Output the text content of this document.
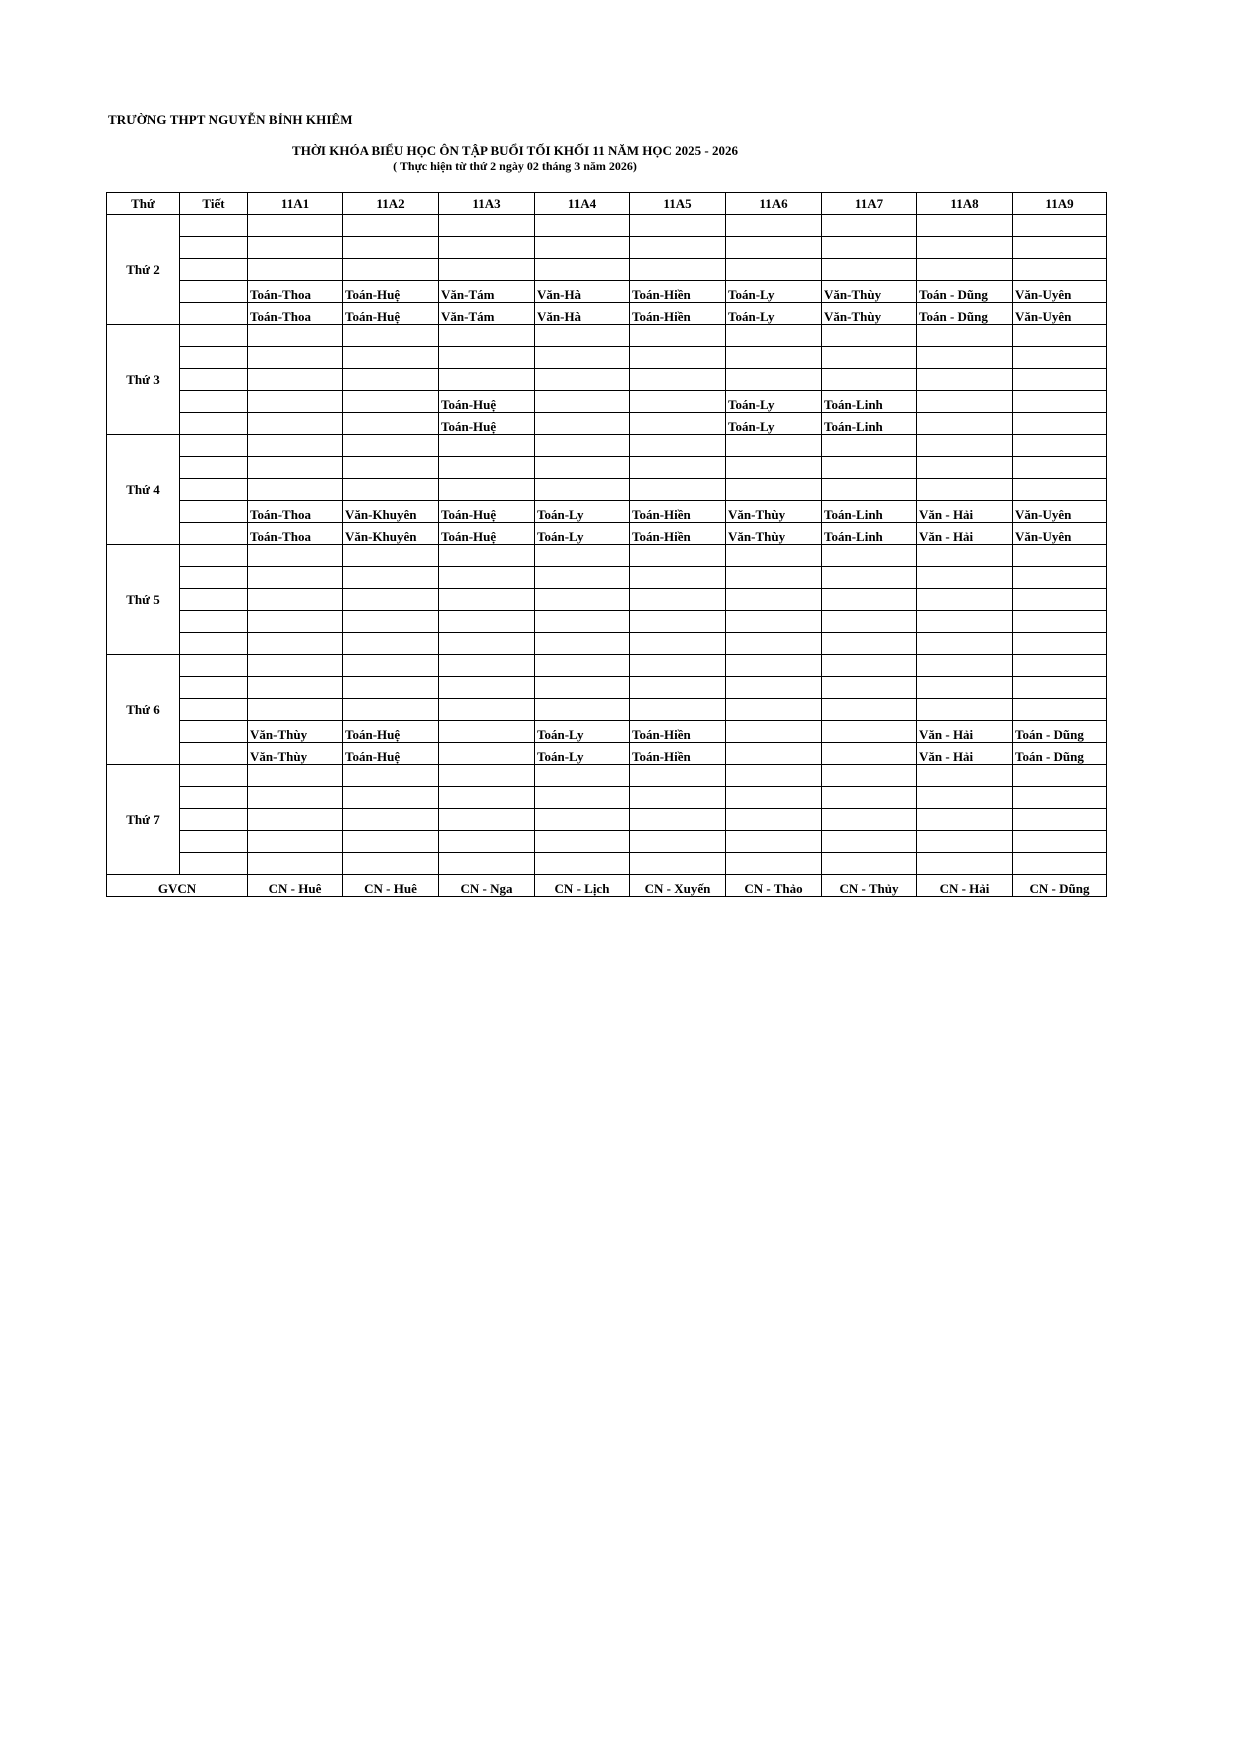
TRƯỜNG THPT NGUYỄN BỈNH KHIÊM
THỜI KHÓA BIỂU HỌC ÔN TẬP BUỔI TỐI KHỐI 11 NĂM HỌC 2025 - 2026
( Thực hiện từ thứ 2 ngày 02 tháng 3 năm 2026)
Thứ	Tiết	11A1	11A2	11A3	11A4	11A5	11A6	11A7	11A8	11A9
Thứ 2										

		Toán-Thoa	Toán-Huệ	Văn-Tám	Văn-Hà	Toán-Hiền	Toán-Ly	Văn-Thùy	Toán - Dũng	Văn-Uyên
		Toán-Thoa	Toán-Huệ	Văn-Tám	Văn-Hà	Toán-Hiền	Toán-Ly	Văn-Thùy	Toán - Dũng	Văn-Uyên
Thứ 3										

				Toán-Huệ			Toán-Ly	Toán-Linh		
				Toán-Huệ			Toán-Ly	Toán-Linh		
Thứ 4										

		Toán-Thoa	Văn-Khuyên	Toán-Huệ	Toán-Ly	Toán-Hiền	Văn-Thùy	Toán-Linh	Văn - Hải	Văn-Uyên
		Toán-Thoa	Văn-Khuyên	Toán-Huệ	Toán-Ly	Toán-Hiền	Văn-Thùy	Toán-Linh	Văn - Hải	Văn-Uyên
Thứ 5										

Thứ 6										

		Văn-Thùy	Toán-Huệ		Toán-Ly	Toán-Hiền			Văn - Hải	Toán - Dũng
		Văn-Thùy	Toán-Huệ		Toán-Ly	Toán-Hiền			Văn - Hải	Toán - Dũng
Thứ 7										

GVCN		CN - Huê	CN - Huê	CN - Nga	CN - Lịch	CN - Xuyến	CN - Thảo	CN - Thủy	CN - Hải	CN - Dũng
